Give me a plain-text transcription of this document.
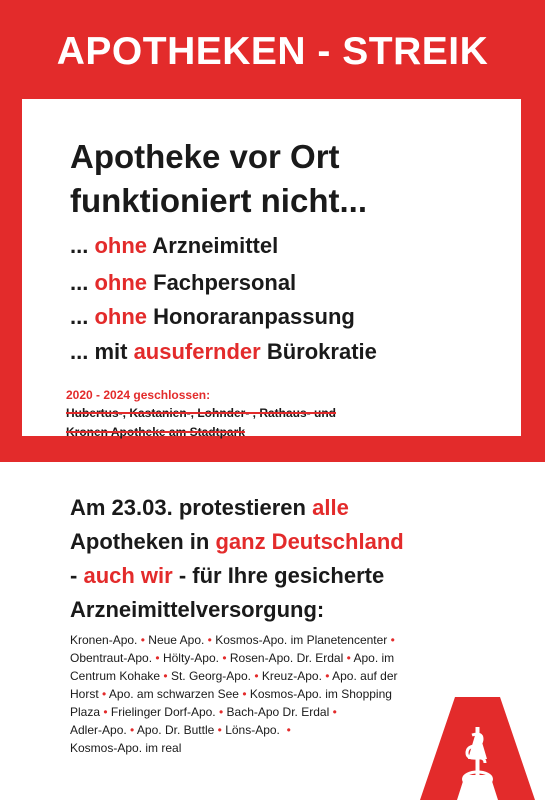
APOTHEKEN - STREIK
Apotheke vor Ort
funktioniert nicht...
... ohne Arzneimittel
... ohne Fachpersonal
... ohne Honoraranpassung
... mit ausufernder Bürokratie
2020 - 2024 geschlossen:
Hubertus-, Kastanien-, Lohnder- , Rathaus- und
Kronen Apotheke am Stadtpark
Am 23.03. protestieren alle
Apotheken in ganz Deutschland
- auch wir - für Ihre gesicherte
Arzneimittelversorgung:
Kronen-Apo. • Neue Apo. • Kosmos-Apo. im Planetencenter •
Obentraut-Apo. • Hölty-Apo. • Rosen-Apo. Dr. Erdal • Apo. im
Centrum Kohake • St. Georg-Apo. • Kreuz-Apo. • Apo. auf der
Horst • Apo. am schwarzen See • Kosmos-Apo. im Shopping
Plaza • Frielinger Dorf-Apo. • Bach-Apo Dr. Erdal •
Adler-Apo. • Apo. Dr. Buttle • Löns-Apo.  •
Kosmos-Apo. im real
